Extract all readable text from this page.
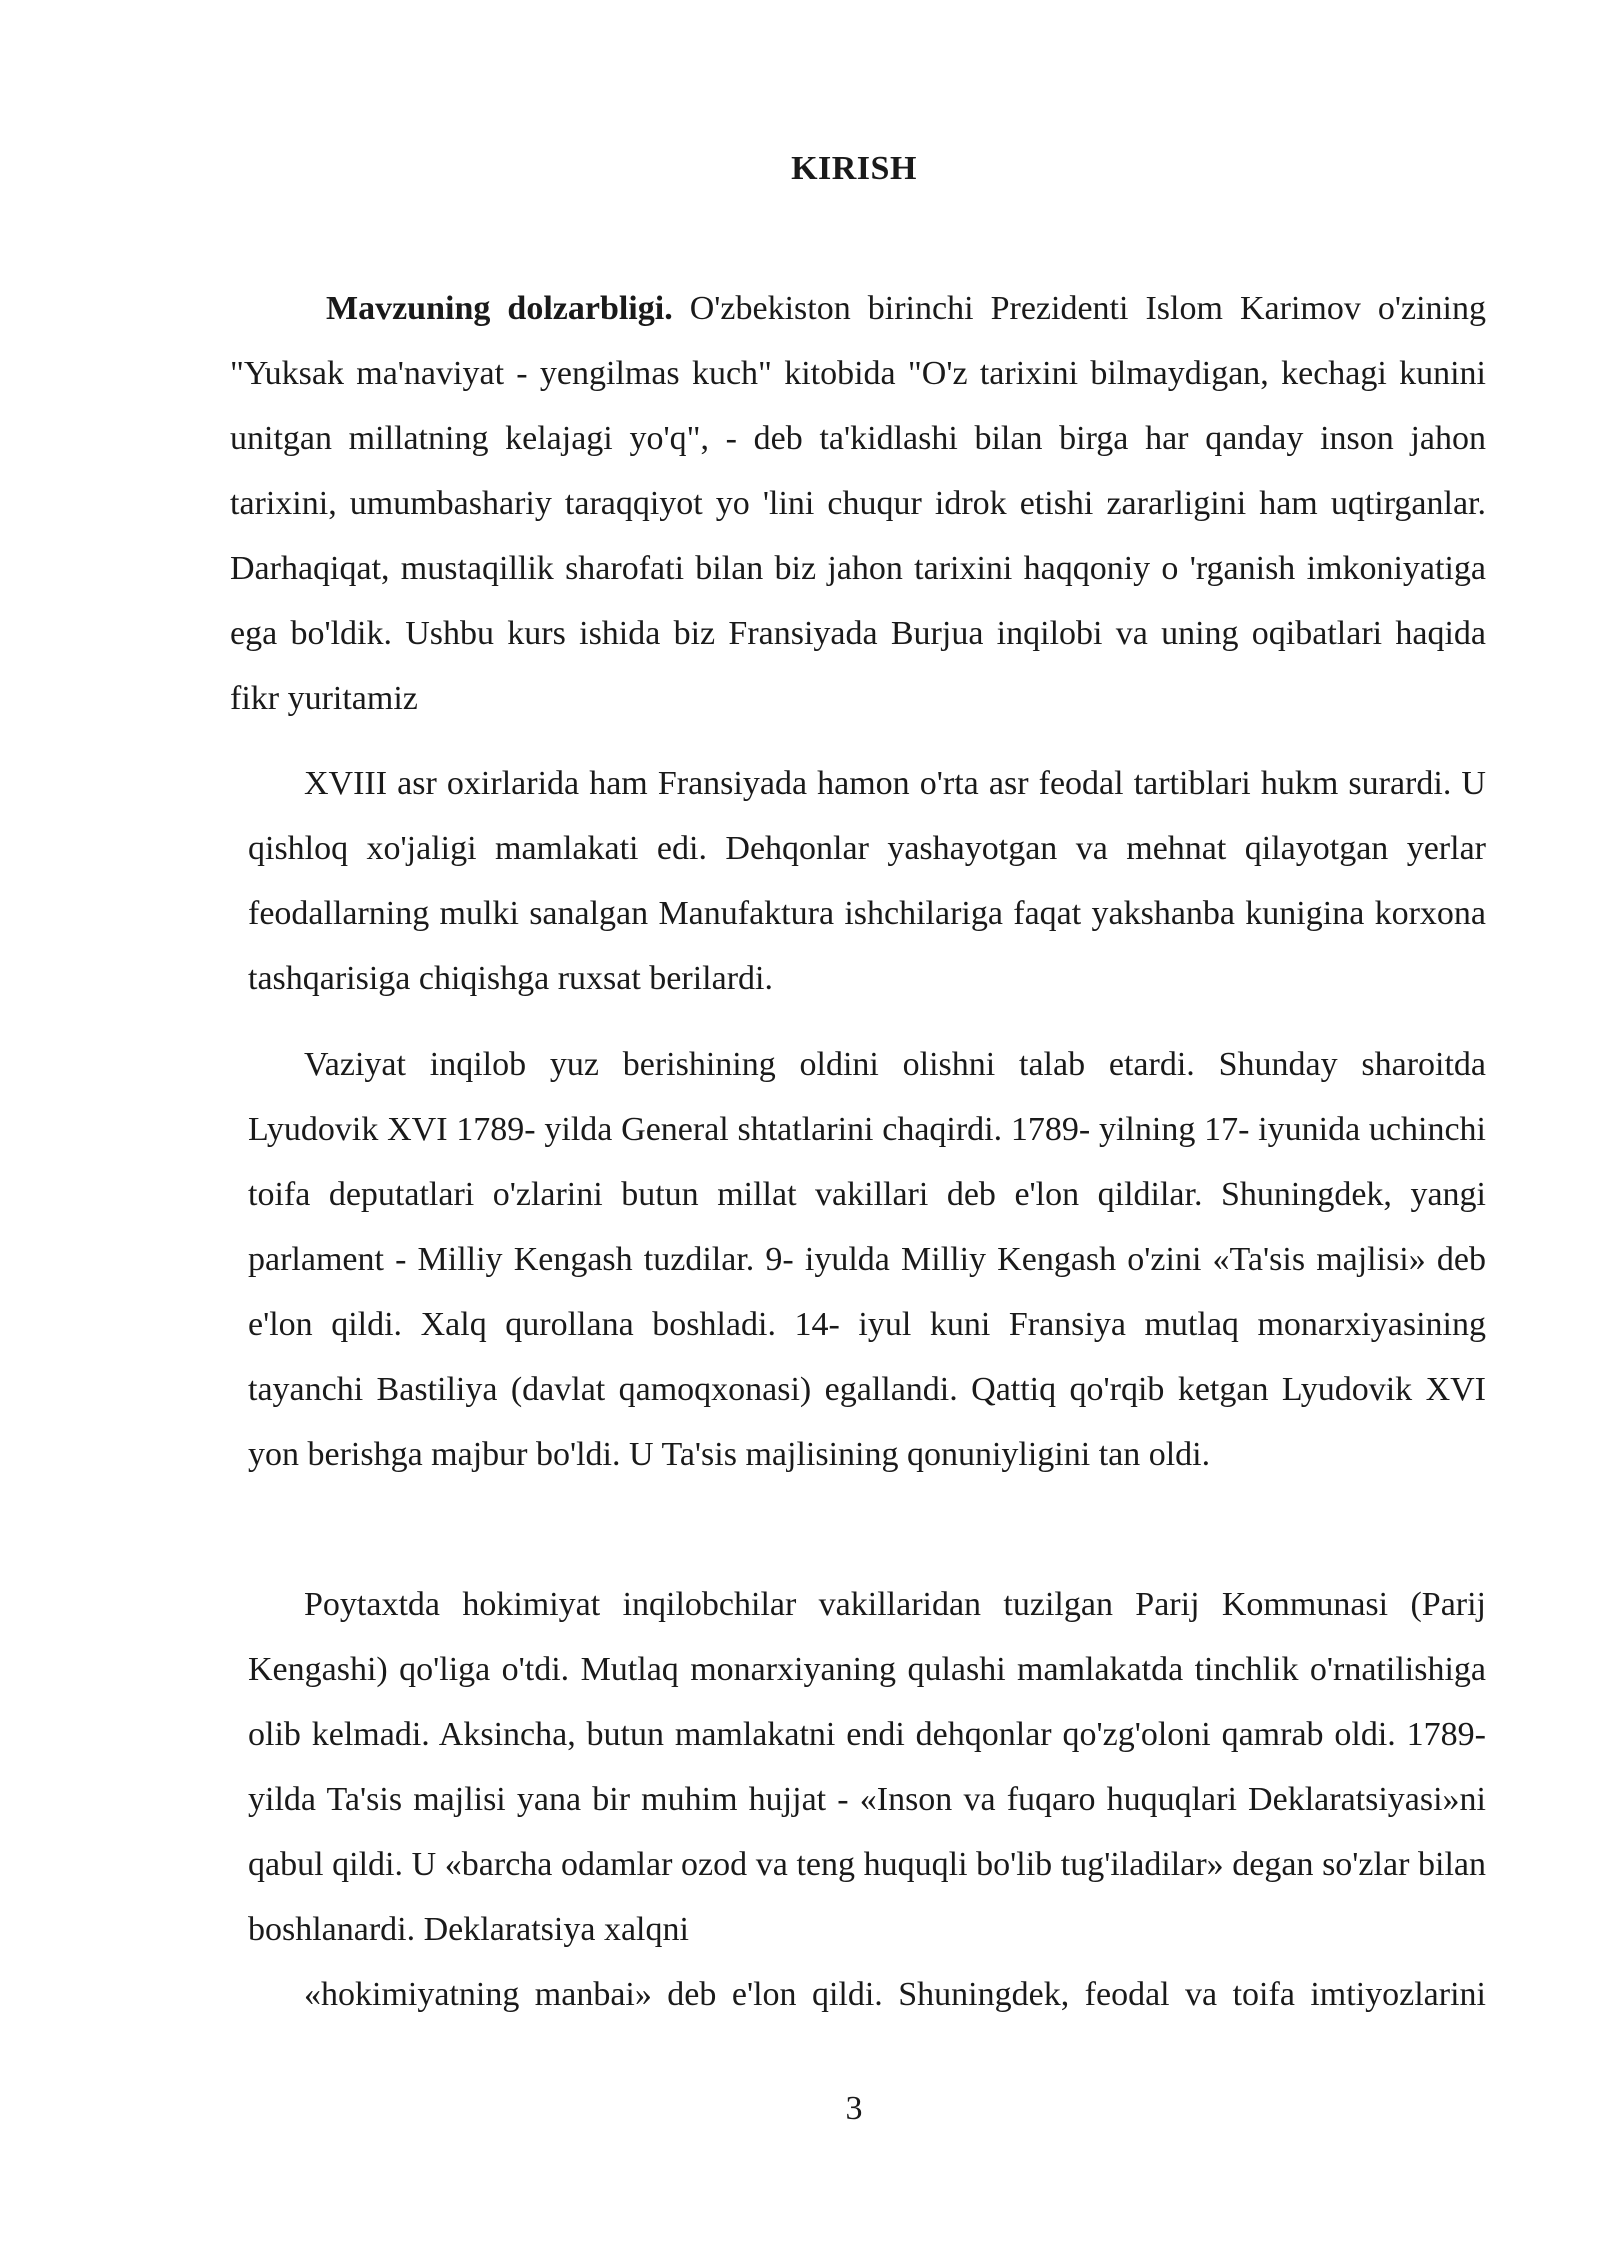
KIRISH

Mavzuning dolzarbligi. O'zbekiston birinchi Prezidenti Islom Karimov o'zining "Yuksak ma'naviyat - yengilmas kuch" kitobida "O'z tarixini bilmaydigan, kechagi kunini unitgan millatning kelajagi yo'q", - deb ta'kidlashi bilan birga har qanday inson jahon tarixini, umumbashariy taraqqiyot yo 'lini chuqur idrok etishi zararligini ham uqtirganlar. Darhaqiqat, mustaqillik sharofati bilan biz jahon tarixini haqqoniy o 'rganish imkoniyatiga ega bo'ldik. Ushbu kurs ishida biz Fransiyada Burjua inqilobi va uning oqibatlari haqida fikr yuritamiz

XVIII asr oxirlarida ham Fransiyada hamon o'rta asr feodal tartiblari hukm surardi. U qishloq xo'jaligi mamlakati edi. Dehqonlar yashayotgan va mehnat qilayotgan yerlar feodallarning mulki sanalgan Manufaktura ishchilariga faqat yakshanba kunigina korxona tashqarisiga chiqishga ruxsat berilardi.

Vaziyat inqilob yuz berishining oldini olishni talab etardi. Shunday sharoitda Lyudovik XVI 1789- yilda General shtatlarini chaqirdi. 1789- yilning 17- iyunida uchinchi toifa deputatlari o'zlarini butun millat vakillari deb e'lon qildilar. Shuningdek, yangi parlament - Milliy Kengash tuzdilar. 9- iyulda Milliy Kengash o'zini «Ta'sis majlisi» deb e'lon qildi. Xalq qurollana boshladi. 14- iyul kuni Fransiya mutlaq monarxiyasining tayanchi Bastiliya (davlat qamoqxonasi) egallandi. Qattiq qo'rqib ketgan Lyudovik XVI yon berishga majbur bo'ldi. U Ta'sis majlisining qonuniyligini tan oldi.

Poytaxtda hokimiyat inqilobchilar vakillaridan tuzilgan Parij Kommunasi (Parij Kengashi) qo'liga o'tdi. Mutlaq monarxiyaning qulashi mamlakatda tinchlik o'rnatilishiga olib kelmadi. Aksincha, butun mamlakatni endi dehqonlar qo'zg'oloni qamrab oldi. 1789- yilda Ta'sis majlisi yana bir muhim hujjat - «Inson va fuqaro huquqlari Deklaratsiyasi»ni qabul qildi. U «barcha odamlar ozod va teng huquqli bo'lib tug'iladilar» degan so'zlar bilan boshlanardi. Deklaratsiya xalqni
«hokimiyatning manbai» deb e'lon qildi. Shuningdek, feodal va toifa imtiyozlarini
3
